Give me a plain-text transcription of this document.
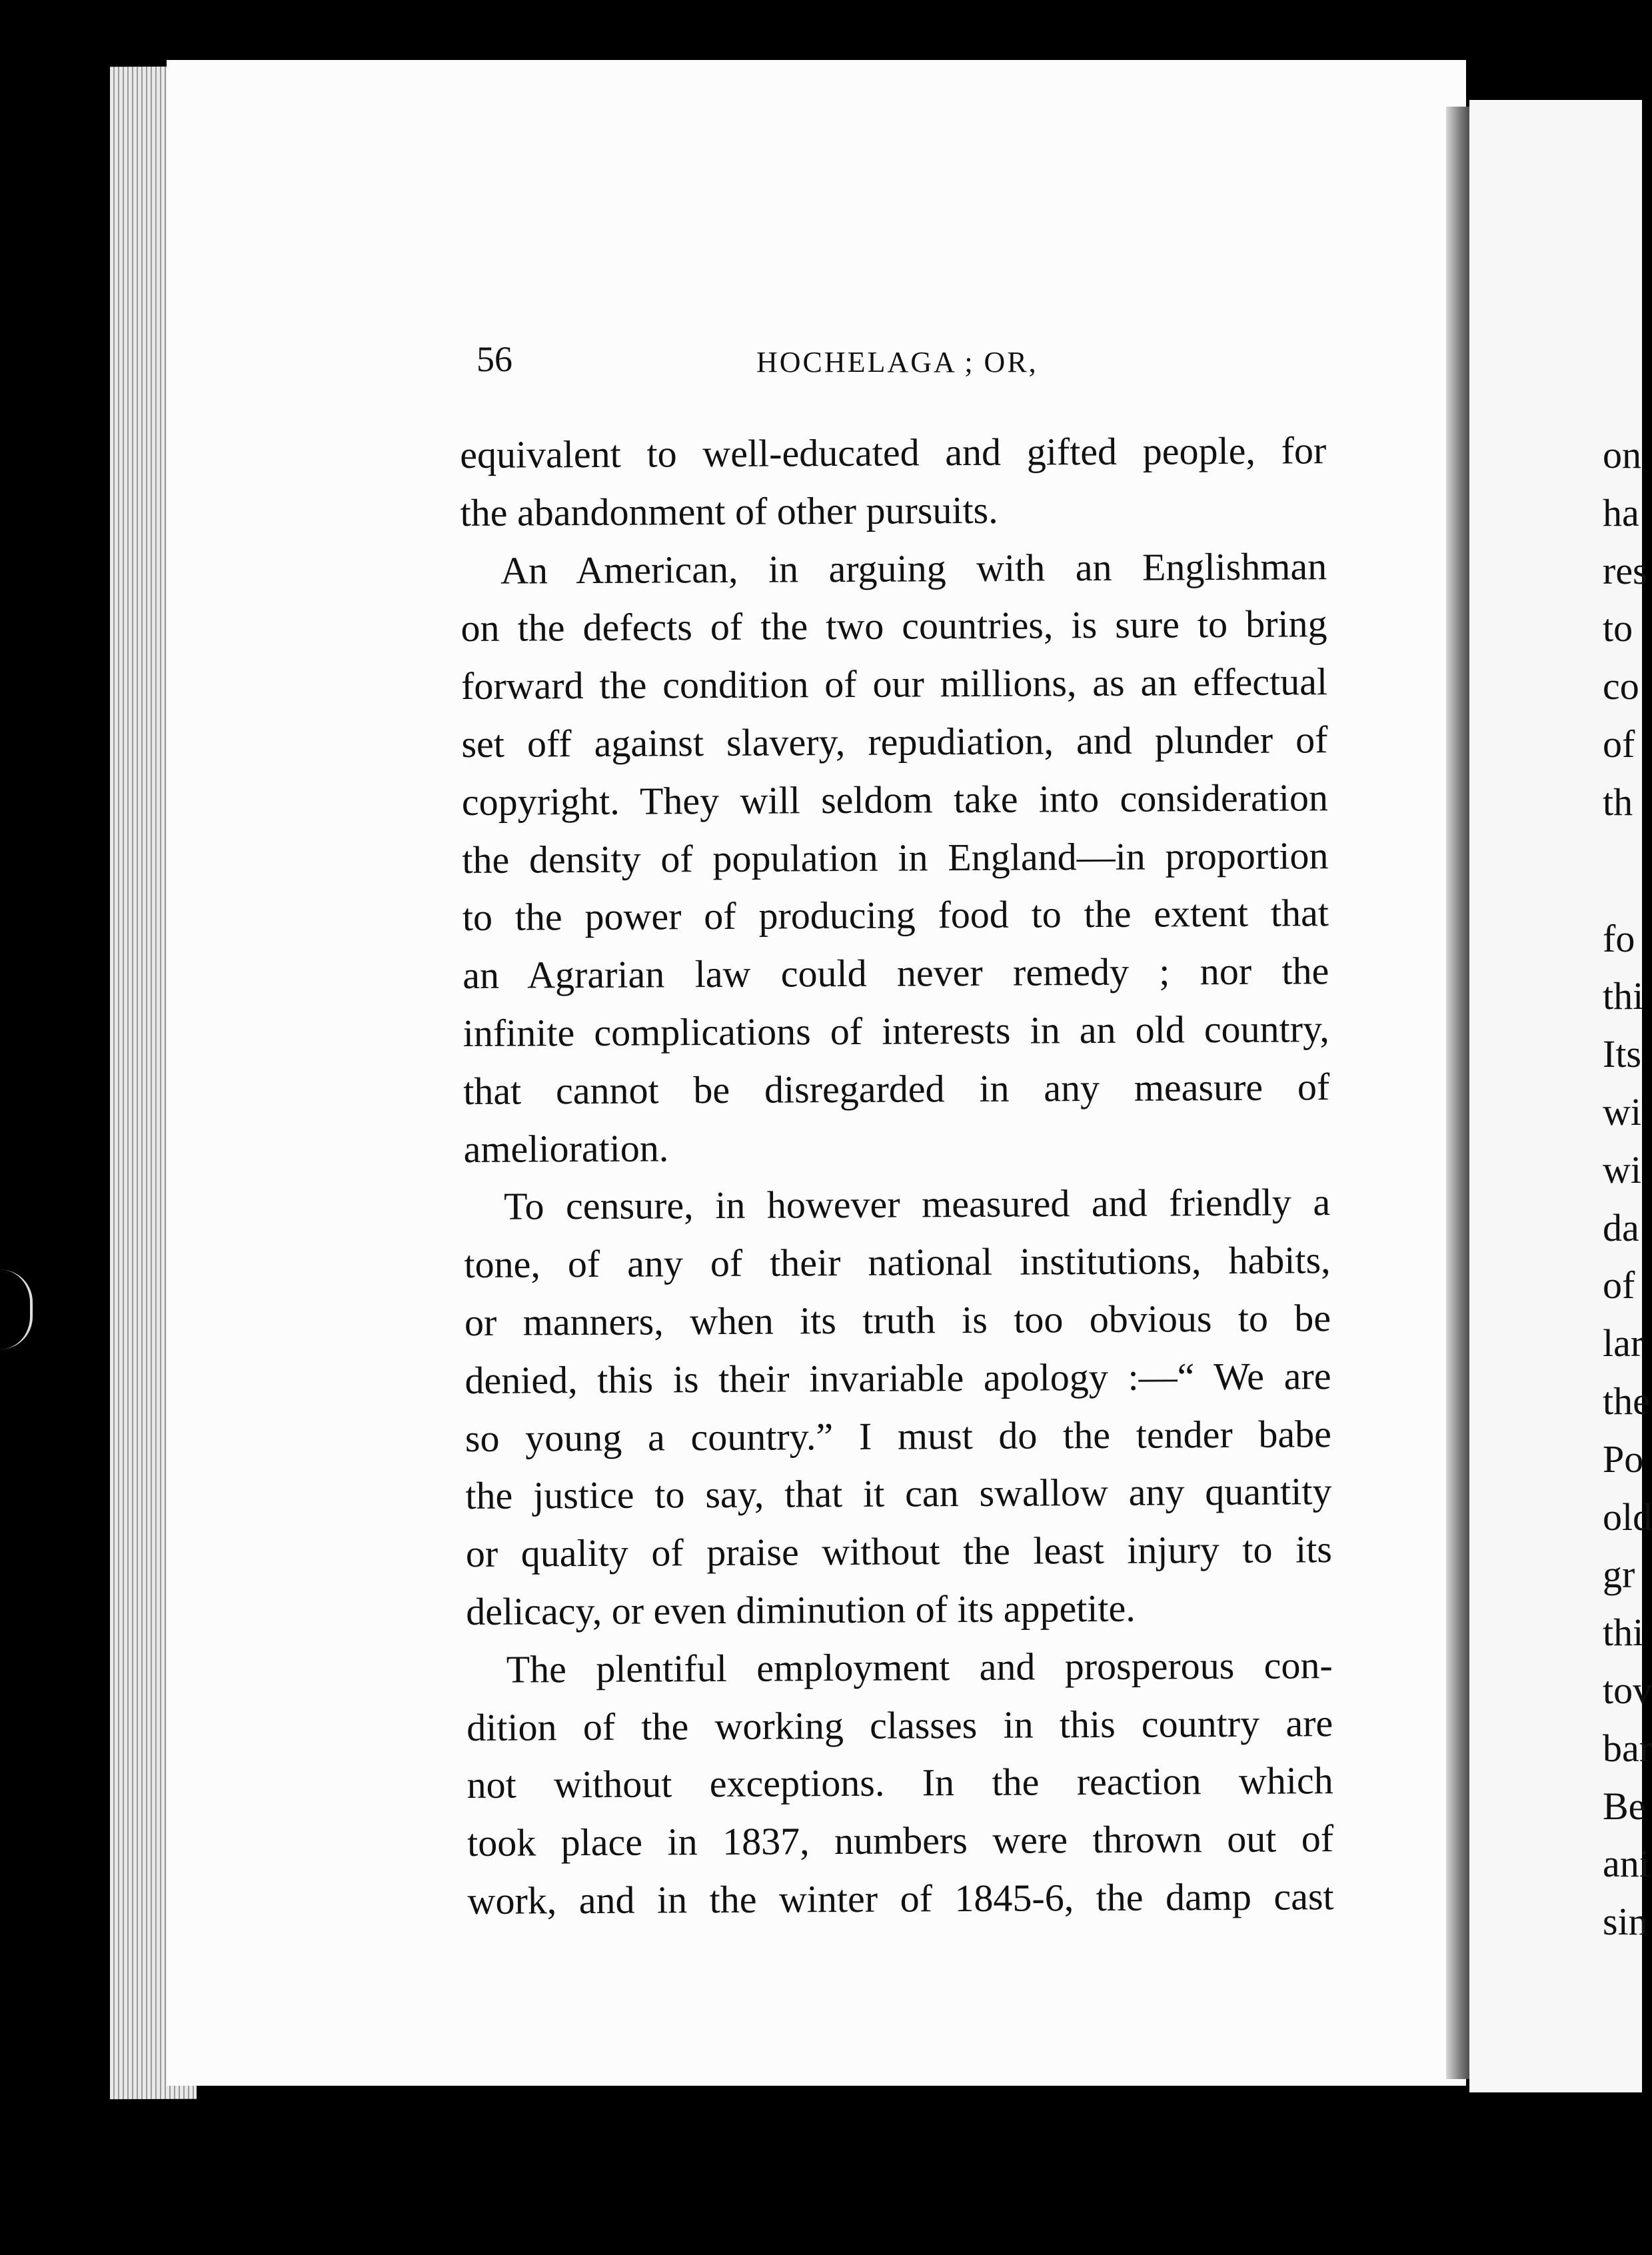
56	HOCHELAGA ; OR,
equivalent to well-educated and gifted people, for
the abandonment of other pursuits.
An American, in arguing with an Englishman
on the defects of the two countries, is sure to bring
forward the condition of our millions, as an effectual
set off against slavery, repudiation, and plunder of
copyright. They will seldom take into consideration
the density of population in England—in proportion
to the power of producing food to the extent that
an Agrarian law could never remedy ; nor the
infinite complications of interests in an old country,
that cannot be disregarded in any measure of
amelioration.
To censure, in however measured and friendly a
tone, of any of their national institutions, habits,
or manners, when its truth is too obvious to be
denied, this is their invariable apology :—“ We are
so young a country.” I must do the tender babe
the justice to say, that it can swallow any quantity
or quality of praise without the least injury to its
delicacy, or even diminution of its appetite.
The plentiful employment and prosperous con-
dition of the working classes in this country are
not without exceptions. In the reaction which
took place in 1837, numbers were thrown out of
work, and in the winter of 1845-6, the damp cast
on
ha
res
to
co
of
th
fo
thi
Its
wi
wi
da
of
lar
the
Po
old
gr
thi
tov
bar
Be
ani
sin
